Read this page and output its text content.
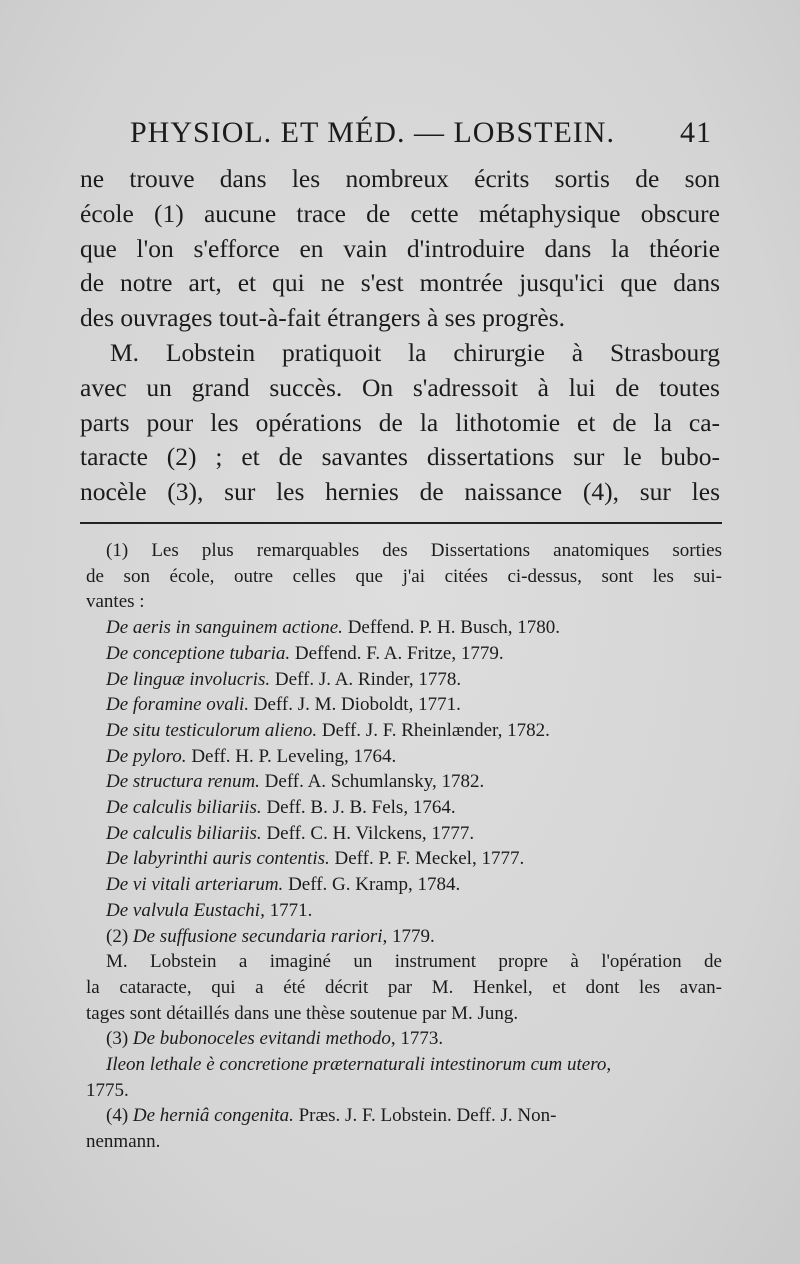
PHYSIOL. ET MÉD. — LOBSTEIN. 41
ne trouve dans les nombreux écrits sortis de son
école (1) aucune trace de cette métaphysique obscure
que l'on s'efforce en vain d'introduire dans la théorie
de notre art, et qui ne s'est montrée jusqu'ici que dans
des ouvrages tout-à-fait étrangers à ses progrès.
M. Lobstein pratiquoit la chirurgie à Strasbourg
avec un grand succès. On s'adressoit à lui de toutes
parts pour les opérations de la lithotomie et de la ca-
taracte (2) ; et de savantes dissertations sur le bubo-
nocèle (3), sur les hernies de naissance (4), sur les
(1) Les plus remarquables des Dissertations anatomiques sorties
de son école, outre celles que j'ai citées ci-dessus, sont les sui-
vantes :
De aeris in sanguinem actione. Deffend. P. H. Busch, 1780.
De conceptione tubaria. Deffend. F. A. Fritze, 1779.
De linguæ involucris. Deff. J. A. Rinder, 1778.
De foramine ovali. Deff. J. M. Dioboldt, 1771.
De situ testiculorum alieno. Deff. J. F. Rheinlænder, 1782.
De pyloro. Deff. H. P. Leveling, 1764.
De structura renum. Deff. A. Schumlansky, 1782.
De calculis biliariis. Deff. B. J. B. Fels, 1764.
De calculis biliariis. Deff. C. H. Vilckens, 1777.
De labyrinthi auris contentis. Deff. P. F. Meckel, 1777.
De vi vitali arteriarum. Deff. G. Kramp, 1784.
De valvula Eustachi, 1771.
(2) De suffusione secundaria rariori, 1779.
M. Lobstein a imaginé un instrument propre à l'opération de
la cataracte, qui a été décrit par M. Henkel, et dont les avan-
tages sont détaillés dans une thèse soutenue par M. Jung.
(3) De bubonoceles evitandi methodo, 1773.
Ileon lethale è concretione præternaturali intestinorum cum utero,
1775.
(4) De herniâ congenita. Præs. J. F. Lobstein. Deff. J. Non-
nenmann.
